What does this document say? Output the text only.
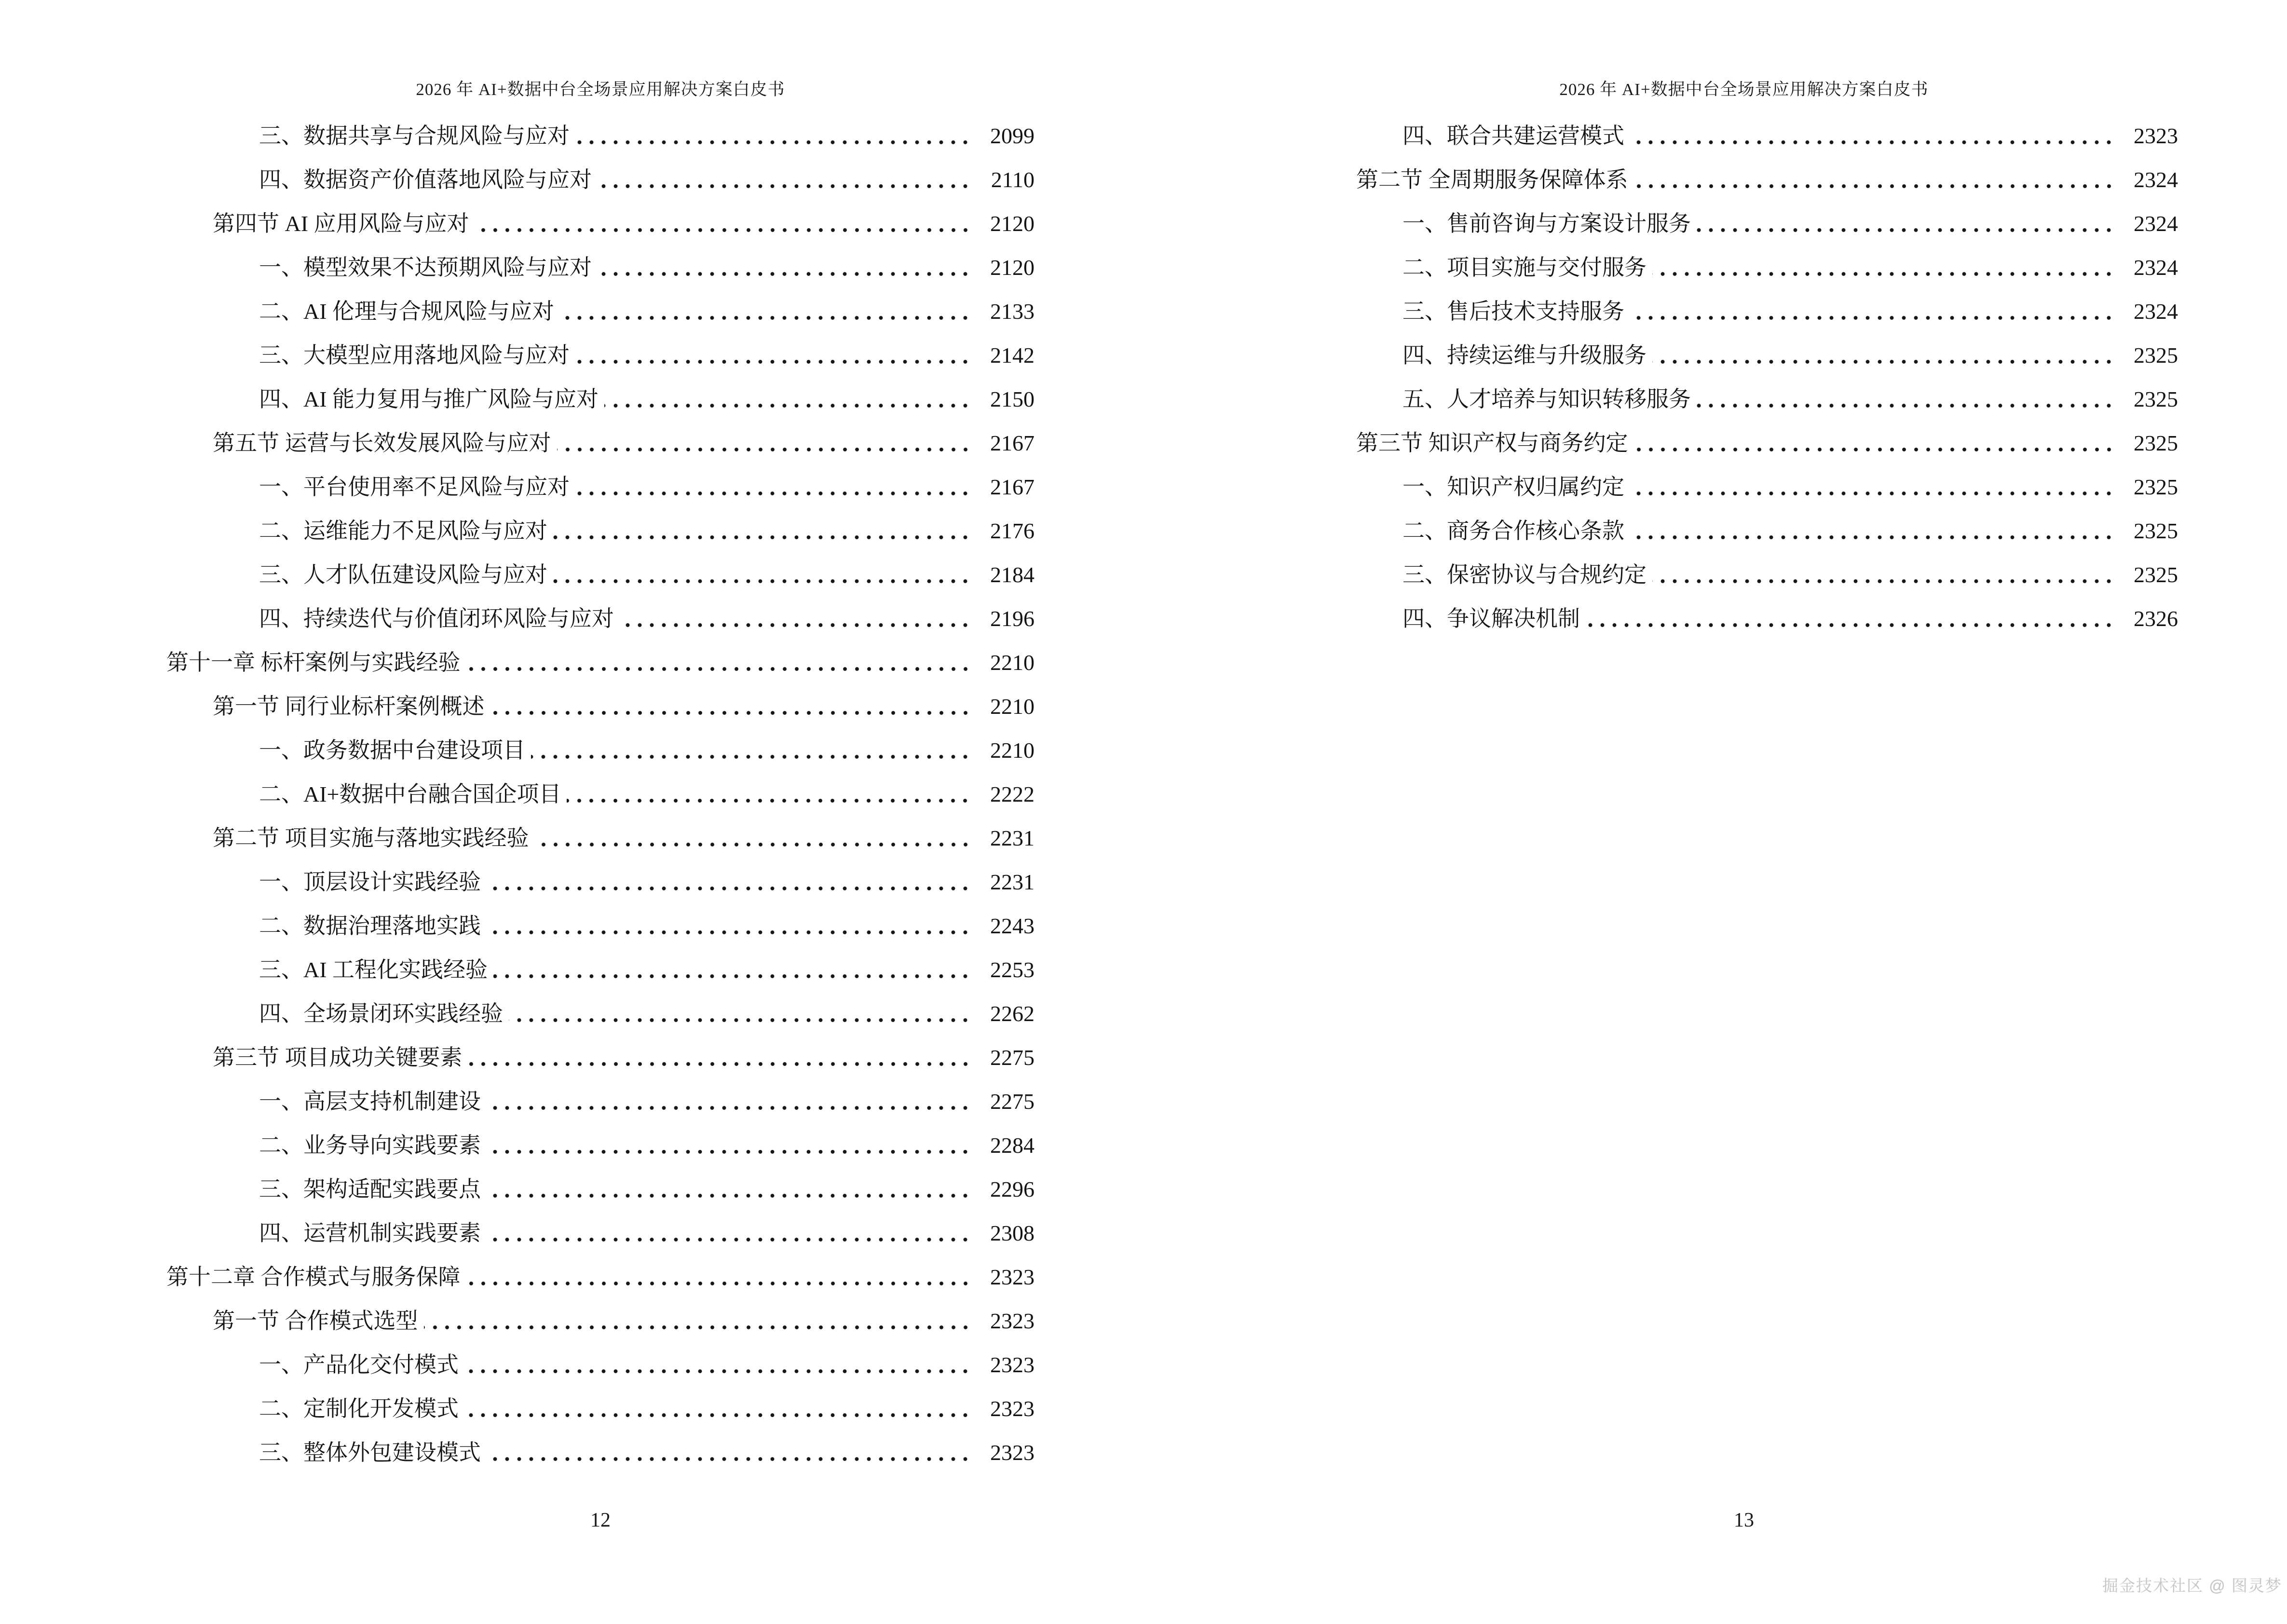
2026 年 AI+数据中台全场景应用解决方案白皮书
三、数据共享与合规风险与应对	2099
四、数据资产价值落地风险与应对	2110
第四节 AI 应用风险与应对	2120
一、模型效果不达预期风险与应对	2120
二、AI 伦理与合规风险与应对	2133
三、大模型应用落地风险与应对	2142
四、AI 能力复用与推广风险与应对	2150
第五节 运营与长效发展风险与应对	2167
一、平台使用率不足风险与应对	2167
二、运维能力不足风险与应对	2176
三、人才队伍建设风险与应对	2184
四、持续迭代与价值闭环风险与应对	2196
第十一章 标杆案例与实践经验	2210
第一节 同行业标杆案例概述	2210
一、政务数据中台建设项目	2210
二、AI+数据中台融合国企项目	2222
第二节 项目实施与落地实践经验	2231
一、顶层设计实践经验	2231
二、数据治理落地实践	2243
三、AI 工程化实践经验	2253
四、全场景闭环实践经验	2262
第三节 项目成功关键要素	2275
一、高层支持机制建设	2275
二、业务导向实践要素	2284
三、架构适配实践要点	2296
四、运营机制实践要素	2308
第十二章 合作模式与服务保障	2323
第一节 合作模式选型	2323
一、产品化交付模式	2323
二、定制化开发模式	2323
三、整体外包建设模式	2323
12
2026 年 AI+数据中台全场景应用解决方案白皮书
四、联合共建运营模式	2323
第二节 全周期服务保障体系	2324
一、售前咨询与方案设计服务	2324
二、项目实施与交付服务	2324
三、售后技术支持服务	2324
四、持续运维与升级服务	2325
五、人才培养与知识转移服务	2325
第三节 知识产权与商务约定	2325
一、知识产权归属约定	2325
二、商务合作核心条款	2325
三、保密协议与合规约定	2325
四、争议解决机制	2326
13
掘金技术社区 @ 图灵梦
